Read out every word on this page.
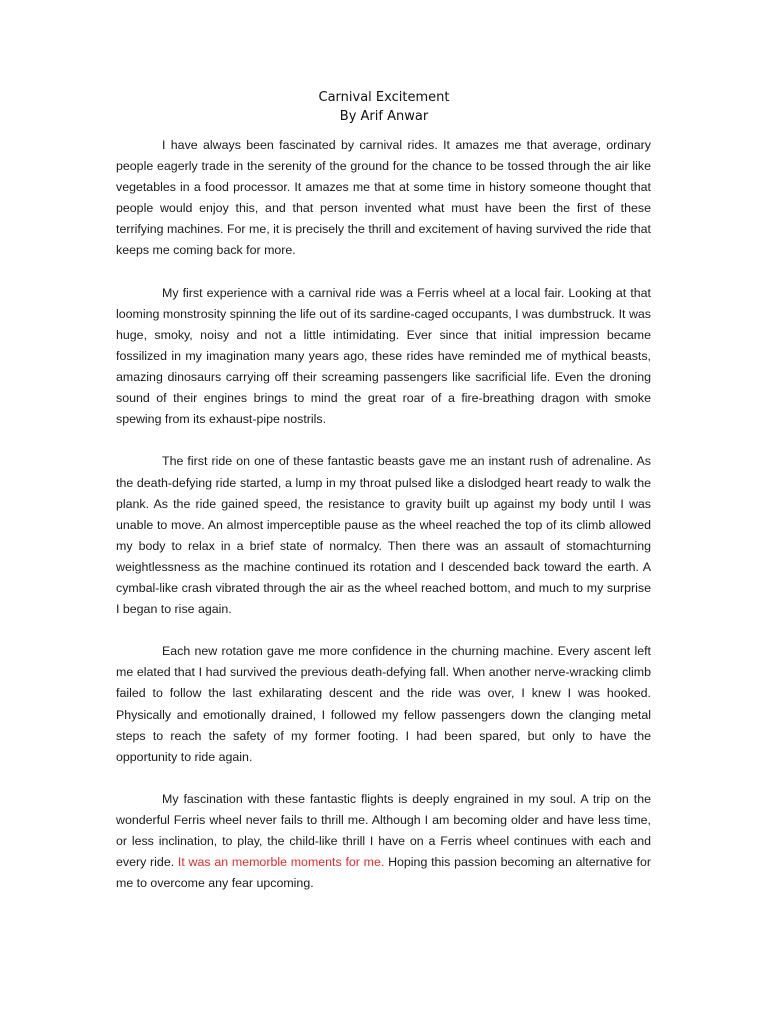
Carnival Excitement
By Arif Anwar

I have always been fascinated by carnival rides. It amazes me that average, ordinary people eagerly trade in the serenity of the ground for the chance to be tossed through the air like vegetables in a food processor. It amazes me that at some time in history someone thought that people would enjoy this, and that person invented what must have been the first of these terrifying machines. For me, it is precisely the thrill and excitement of having survived the ride that keeps me coming back for more.

My first experience with a carnival ride was a Ferris wheel at a local fair. Looking at that looming monstrosity spinning the life out of its sardine-caged occupants, I was dumbstruck. It was huge, smoky, noisy and not a little intimidating. Ever since that initial impression became fossilized in my imagination many years ago, these rides have reminded me of mythical beasts, amazing dinosaurs carrying off their screaming passengers like sacrificial life. Even the droning sound of their engines brings to mind the great roar of a fire-breathing dragon with smoke spewing from its exhaust-pipe nostrils.

The first ride on one of these fantastic beasts gave me an instant rush of adrenaline. As the death-defying ride started, a lump in my throat pulsed like a dislodged heart ready to walk the plank. As the ride gained speed, the resistance to gravity built up against my body until I was unable to move. An almost imperceptible pause as the wheel reached the top of its climb allowed my body to relax in a brief state of normalcy. Then there was an assault of stomachturning weightlessness as the machine continued its rotation and I descended back toward the earth. A cymbal-like crash vibrated through the air as the wheel reached bottom, and much to my surprise I began to rise again.

Each new rotation gave me more confidence in the churning machine. Every ascent left me elated that I had survived the previous death-defying fall. When another nerve-wracking climb failed to follow the last exhilarating descent and the ride was over, I knew I was hooked. Physically and emotionally drained, I followed my fellow passengers down the clanging metal steps to reach the safety of my former footing. I had been spared, but only to have the opportunity to ride again.

My fascination with these fantastic flights is deeply engrained in my soul. A trip on the wonderful Ferris wheel never fails to thrill me. Although I am becoming older and have less time, or less inclination, to play, the child-like thrill I have on a Ferris wheel continues with each and every ride. It was an memorble moments for me. Hoping this passion becoming an alternative for me to overcome any fear upcoming.
